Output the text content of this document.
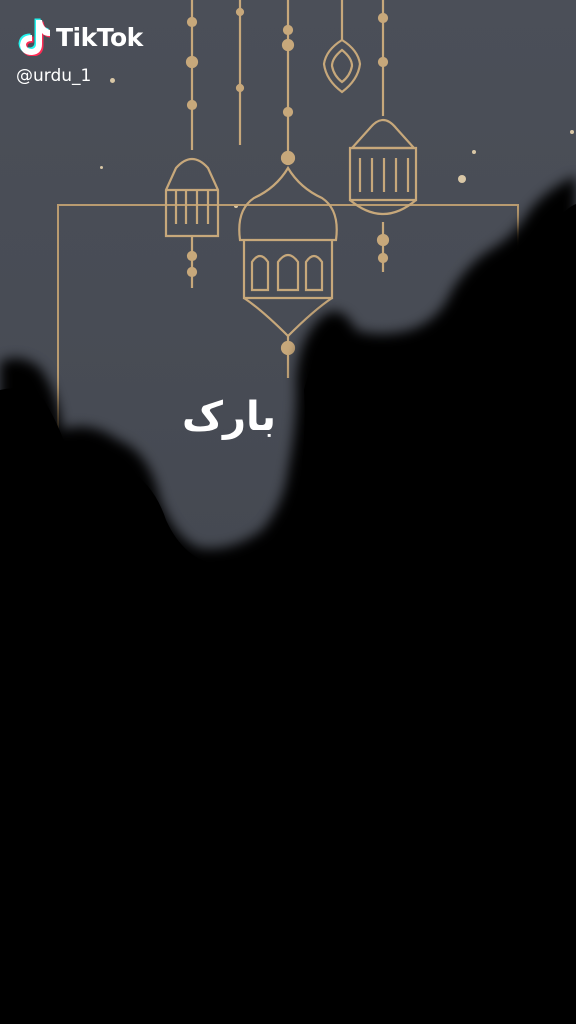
بارک
TikTok
@urdu_1
